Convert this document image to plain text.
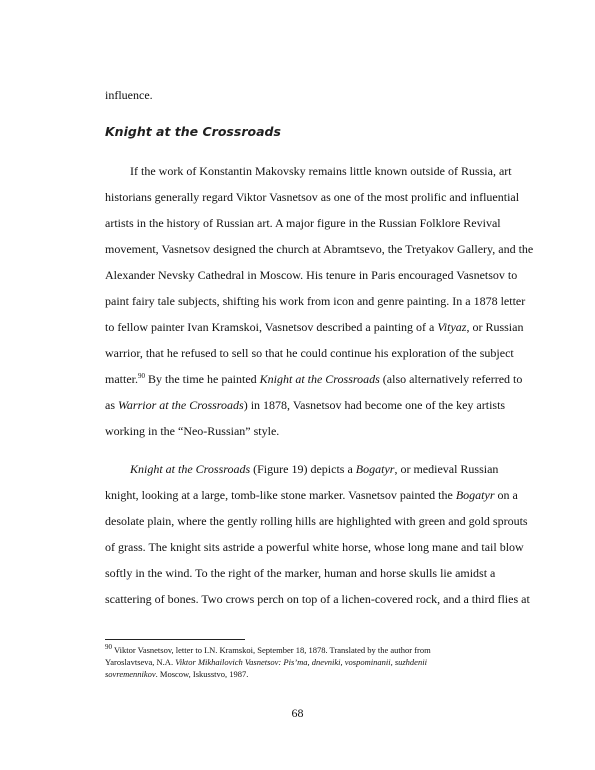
influence.
Knight at the Crossroads
If the work of Konstantin Makovsky remains little known outside of Russia, art
historians generally regard Viktor Vasnetsov as one of the most prolific and influential
artists in the history of Russian art. A major figure in the Russian Folklore Revival
movement, Vasnetsov designed the church at Abramtsevo, the Tretyakov Gallery, and the
Alexander Nevsky Cathedral in Moscow. His tenure in Paris encouraged Vasnetsov to
paint fairy tale subjects, shifting his work from icon and genre painting. In a 1878 letter
to fellow painter Ivan Kramskoi, Vasnetsov described a painting of a Vityaz, or Russian
warrior, that he refused to sell so that he could continue his exploration of the subject
matter.$^{90}$ By the time he painted Knight at the Crossroads (also alternatively referred to
as Warrior at the Crossroads) in 1878, Vasnetsov had become one of the key artists
working in the “Neo-Russian” style.
Knight at the Crossroads (Figure 19) depicts a Bogatyr, or medieval Russian
knight, looking at a large, tomb-like stone marker. Vasnetsov painted the Bogatyr on a
desolate plain, where the gently rolling hills are highlighted with green and gold sprouts
of grass. The knight sits astride a powerful white horse, whose long mane and tail blow
softly in the wind. To the right of the marker, human and horse skulls lie amidst a
scattering of bones. Two crows perch on top of a lichen-covered rock, and a third flies at
$^{90}$ Viktor Vasnetsov, letter to I.N. Kramskoi, September 18, 1878. Translated by the author from
Yaroslavtseva, N.A. Viktor Mikhailovich Vasnetsov: Pis’ma, dnevniki, vospominanii, suzhdenii
sovremennikov. Moscow, Iskusstvo, 1987.
68
